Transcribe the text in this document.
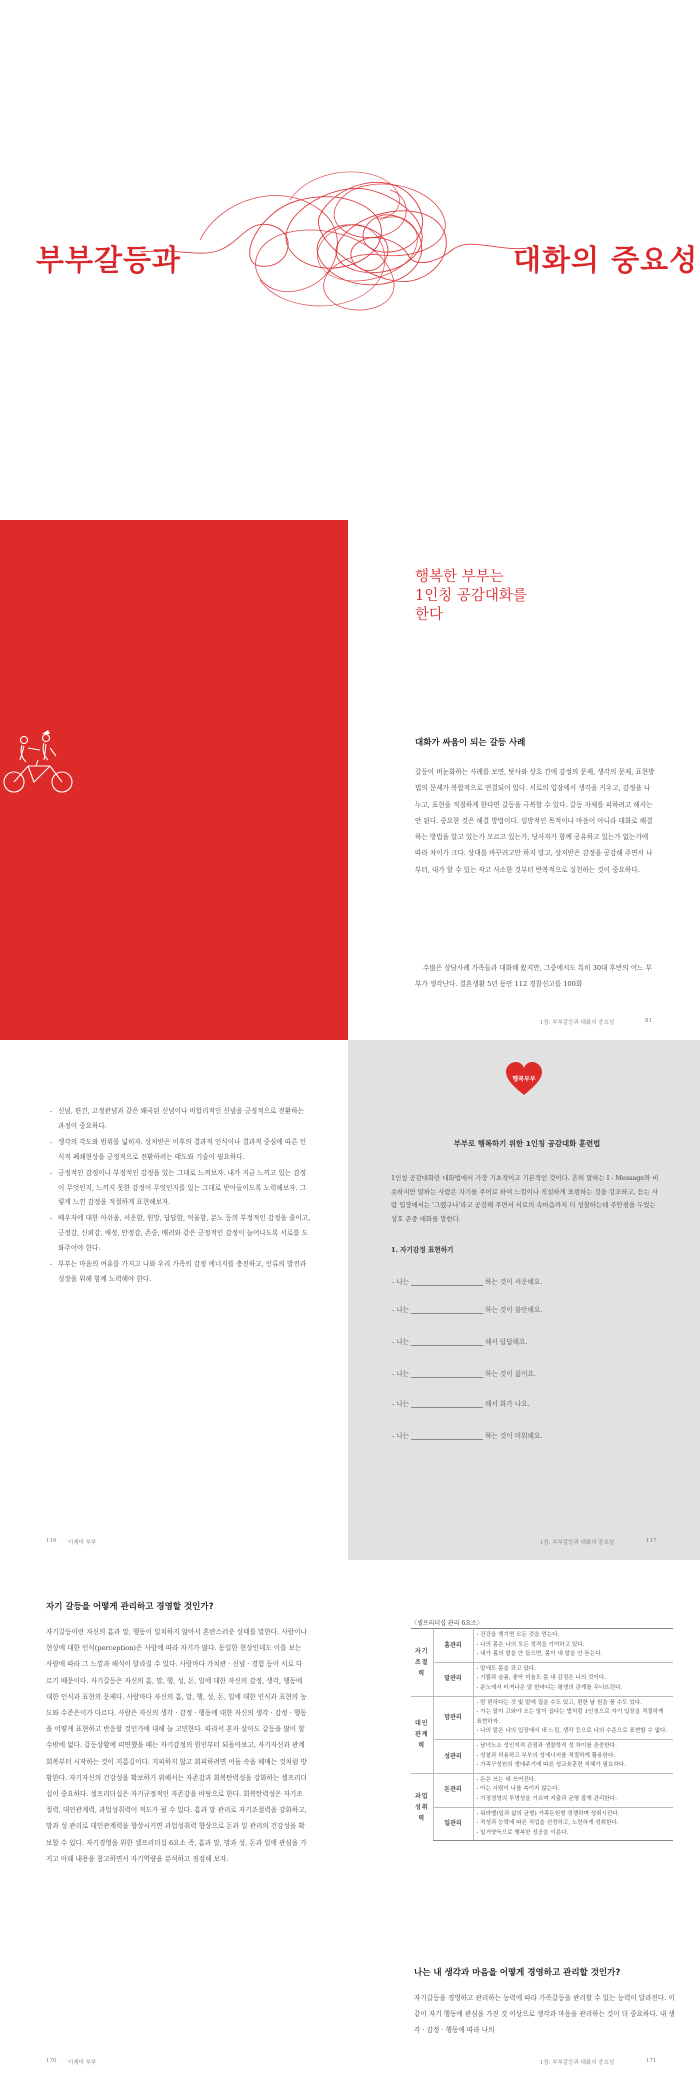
부부갈등과	대화의 중요성
행복한 부부는
1인칭 공감대화를
한다
대화가 싸움이 되는 갈등 사례
갈등이 버눈화하는 사례를 보면, 탓사와 상호 간에 감정의 문제, 생각의 문제, 표현방법의 문제가 복합적으로 연결되어 있다. 서로의 입장에서 생각을 키우고, 감정을 나누고, 표현을 적절하게 한다면 갈등을 극복할 수 있다. 갈등 자체를 피하려고 해서는 안 된다. 중요한 것은 해결 방법이다. 일방적인 목적이나 마음이 아니라 대화로 해결하는 방법을 알고 있는가 모르고 있는가, 당사자가 함께 공유하고 있는가 없는가에 따라 차이가 크다. 상대를 바꾸려고만 하지 말고, 상저받은 감정을 공감해 주면서 나부터, 내가 할 수 있는 작고 사소한 것부터 반복적으로 실천하는 것이 중요하다.
수많은 상담사례 가족들과 대화해 왔지만, 그중에서도 특히 30대 후반의 어느 부부가 생각난다. 결혼생활 5년 동안 112 경찰신고를 100회
1장. 부부갈등과 대화의 중요성	81
- 신념, 편견, 고정관념과 같은 왜곡된 신념이나 비합리적인 신념을 긍정적으로 전환하는 과정이 중요하다.
- 생각의 각도와 범위를 넓히자. 상처받은 이후의 결과적 인식이나 결과적 중심에 따른 인식적 폐쇄현상을 긍정적으로 전환하려는 태도와 기술이 필요하다.
- 긍정적인 감정이나 부정적인 감정을 있는 그대로 느껴보자. 내가 지금 느끼고 있는 감정이 무엇인지, 느끼지 못한 감정이 무엇인지를 있는 그대로 받아들이도록 노력해보자. 그렇게 느낀 감정을 적절하게 표현해보자.
- 배우자에 대한 아쉬움, 서운함, 원망, 답답함, 억울함, 분노 등의 부정적인 감정을 줄이고, 긍정감, 신뢰감, 애정, 안정감, 존중, 배려와 같은 긍정적인 감정이 늘어나도록 서로를 도와주어야 한다.
- 부부는 마음의 여유를 가지고 나와 우리 가족의 감정 에너지를 충전하고, 인류의 발전과 성장을 위해 함께 노력해야 한다.
116 이재미 부부
행복부부
부부로 행복하기 위한 1인칭 공감대화 훈련법
1인칭 공감대화란 대화법에서 가장 기초적이고 기본적인 것이다. 흔히 말하는 I - Message와 비슷하지만 말하는 사람은 자기를 주어로 하여 느낌이나 직설하게 표현하는 것을 강조하고, 듣는 사람 입장에서는 '그랬구나'라고 공감해 주면서 서로의 속마음까지 더 성찰하는데 주안점을 두었는 상호 존중 대화를 말한다.
1. 자기감정 표현하기
- 나는	하는 것이 서운해요.
- 나는	하는 것이 불안해요.
- 나는	해서 답답해요.
- 나는	하는 것이 싫어요.
- 나는	해서 화가 나요.
- 나는	하는 것이 미워해요.
1장. 부부갈등과 대화의 중요성	117
자기 갈등을 어떻게 관리하고 경영할 것인가?
자기갈등이란 자신의 흠과 말, 행동이 일치하지 않아서 혼란스러운 상태를 말한다. 사람이나 현상에 대한 인식(perception)은 사람에 따라 자기가 많다. 동일한 현상인데도 이를 보는 사람에 따라 그 느낌과 해석이 달라질 수 있다. 사람마다 가치관 · 신념 · 경험 등이 서로 다르기 때문이다. 자기갈등은 자신의 흠, 말, 행, 성, 돈, 일에 대한 자신의 감정, 생각, 행동에 대한 인식과 표현의 문제다. 사람마다 자신의 흠, 말, 행, 성, 돈, 일에 대한 인식과 표현의 농도와 수준은이가 다르다. 사람은 자신의 생각 · 감정 · 행동에 대한 자신의 생각 · 감정 · 행동을 어떻게 표현하고 반응할 것인가에 대해 늘 고민한다. 따라서 혼자 살아도 갈등을 많이 할 수밖에 없다. 갈등상황에 피면했을 때는 자기감정의 원인부터 되돌아보고, 자기자신과 관계 회복부터 시작하는 것이 지름길이다. 지피하지 않고 회피하려면 어둠 속을 헤매는 것처럼 방황한다. 자기자신의 건강성을 확보하기 위해서는 자존감과 회복탄력성을 강화하는 셀프리더십이 중요하다. 셀프리더십은 자기규정적인 자존감을 바탕으로 한다. 회복탄력성은 자기조절력, 대인관계력, 과업성취력이 적도가 될 수 있다. 흠과 말 관리로 자기조절력을 강화하고, 맘과 성 관리로 대인관계력을 향상시키면 과업성취력 향상으로 돈과 일 관리의 건강성을 확보할 수 있다. 자기경영을 위한 셀프리더십 6요소 즉, 흠과 말, 맘과 성, 돈과 일에 관심을 가지고 아래 내용을 참고하면서 자기역량을 분석하고 점검해 보자.
170 이재미 부부
〈셀프리더십 관리 6요소〉
자기조절력	흠관리	- 건강을 챙기면 모든 것을 얻는다.
- 나의 몸은 나의 모든 정격을 기억하고 있다.
- 내가 몸의 말을 안 들으면, 몸이 내 말을 안 듣는다.

	말관리	- 말에도 몸을 갖고 있다.
- 기쁨과 슬픔, 좋아 미움도 몸 내 감정은 나의 것이다.
- 분노에서 터져나온 말 한마디는 평생의 관계를 무너뜨린다.

대인관계력	맘관리	- 맘 편하다는 것 빛 맡에 집을 수도 있고, 편한 날 원을 품 수도 있다.
- 가는 말이 고와야 오는 말이 곱다는 법처럼 1인칭으로 자기 입장을 적절하게 표현하자.
- 나의 맡은 나의 입장에서 내 느낌, 생각 등으로 나의 수준으로 표현할 수 없다.

	성관리	- 남녀노소 성인지적 관점과 생물학적 성 차이를 존중한다.
- 성찰과 허용하고 부부의 성에너지를 적절하게 활용한다.
- 가족구성원의 생애주기에 따른 성교육훈련 지혜가 필요하다.

과업성취력	돈관리	- 돈은 쓰는 데 쓰여진다.
- 아는 사람이 나를 속이지 않는다.
- 가정경영의 투명성을 기르며 지출과 균형 잡게 관리한다.

	일관리	- 워라밸(일과 삶의 균형) 가족돈원형 경쟁하며 성취시킨다.
- 적성과 능력에 따른 직업을 선정하고, 노련하게 성취한다.
- 일거양득으로 행복한 성공을 이룬다.
나는 내 생각과 마음을 어떻게 경영하고 관리할 것인가?
자기갈등을 경영하고 관리하는 능력에 따라 가족갈등을 관리할 수 있는 능력이 달라진다. 이같이 자기 행동에 관심을 가진 것 이상으로 생각과 마음을 관리하는 것이 더 중요하다. 내 생각 · 감정 · 행동에 따라 나의
1장. 부부갈등과 대화의 중요성	171
